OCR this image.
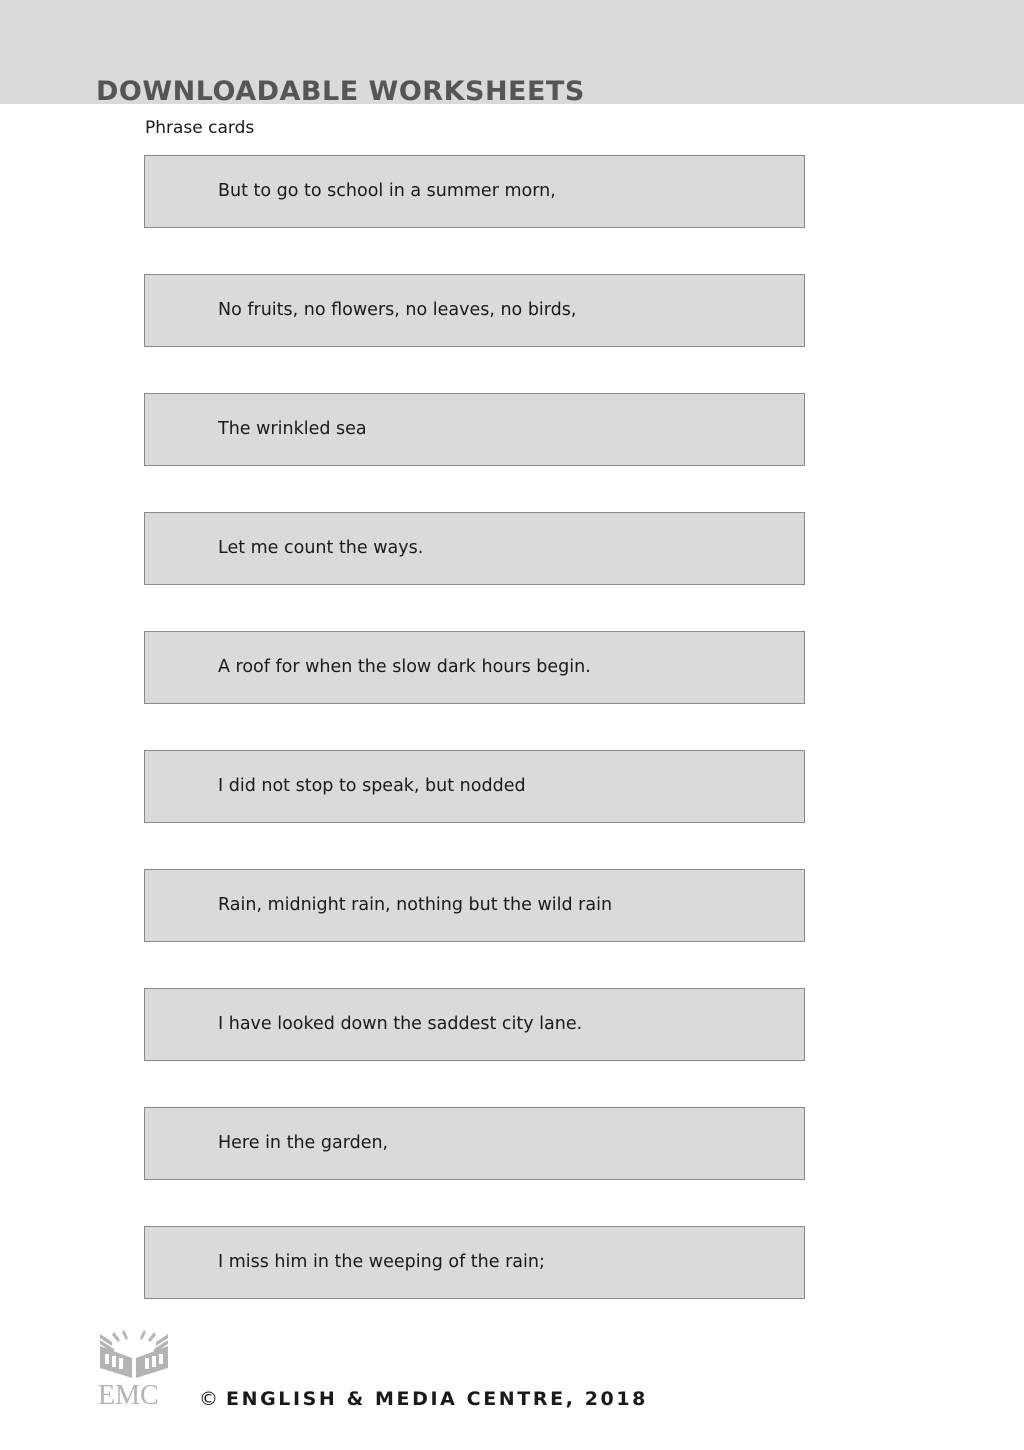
DOWNLOADABLE WORKSHEETS
Phrase cards
But to go to school in a summer morn,
No fruits, no flowers, no leaves, no birds,
The wrinkled sea
Let me count the ways.
A roof for when the slow dark hours begin.
I did not stop to speak, but nodded
Rain, midnight rain, nothing but the wild rain
I have looked down the saddest city lane.
Here in the garden,
I miss him in the weeping of the rain;
EMC	© ENGLISH & MEDIA CENTRE, 2018
